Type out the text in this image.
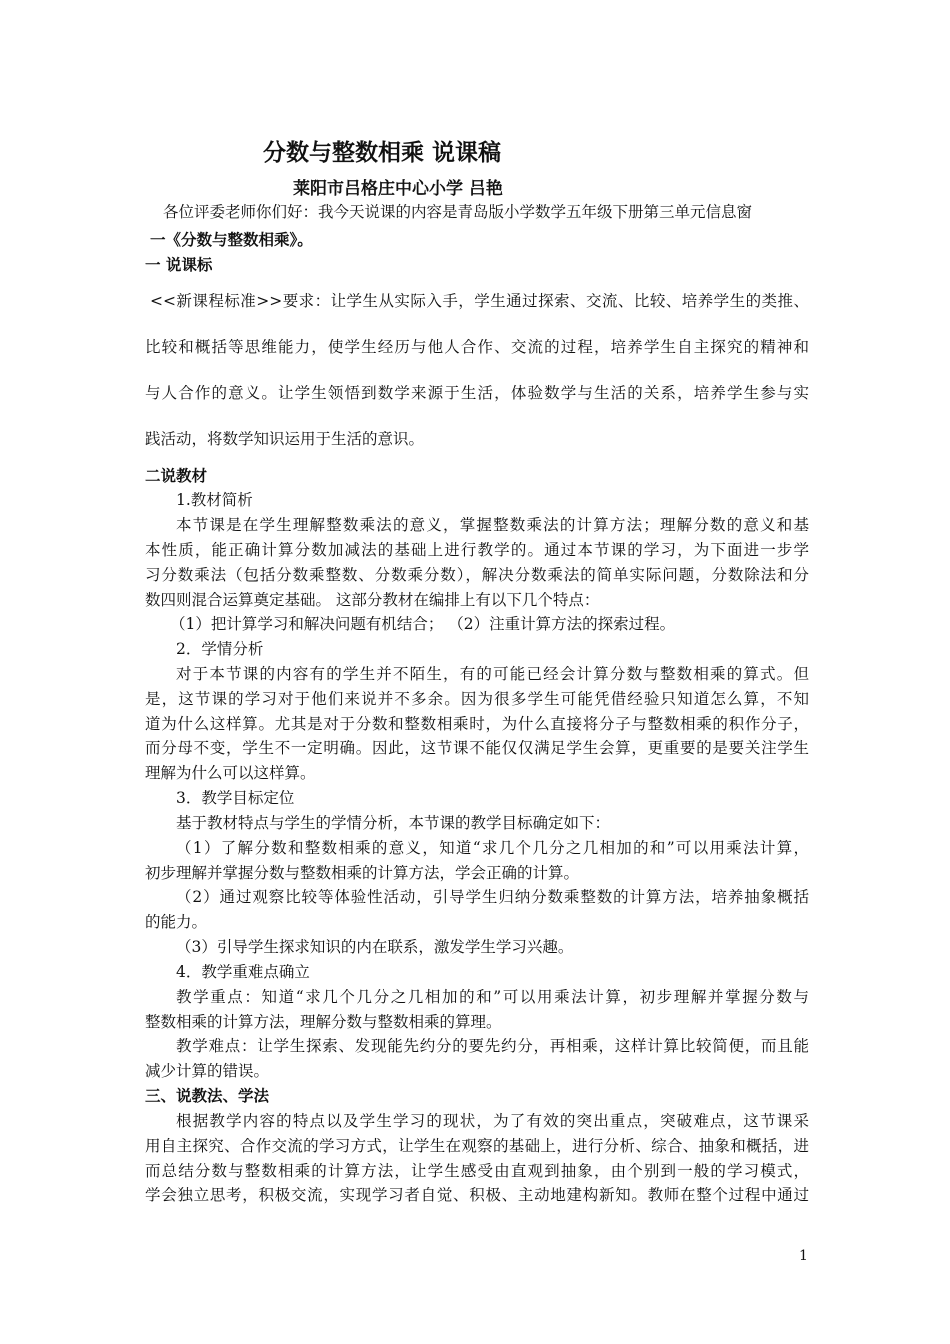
分数与整数相乘 说课稿
莱阳市吕格庄中心小学 吕艳
各位评委老师你们好：我今天说课的内容是青岛版小学数学五年级下册第三单元信息窗
一《分数与整数相乘》。
一 说课标
<<新课程标准>>要求：让学生从实际入手，学生通过探索、交流、比较、培养学生的类推、
比较和概括等思维能力，使学生经历与他人合作、交流的过程，培养学生自主探究的精神和
与人合作的意义。让学生领悟到数学来源于生活，体验数学与生活的关系，培养学生参与实
践活动，将数学知识运用于生活的意识。
二说教材
1.教材简析
本节课是在学生理解整数乘法的意义，掌握整数乘法的计算方法；理解分数的意义和基
本性质，能正确计算分数加减法的基础上进行教学的。通过本节课的学习，为下面进一步学
习分数乘法（包括分数乘整数、分数乘分数），解决分数乘法的简单实际问题，分数除法和分
数四则混合运算奠定基础。 这部分教材在编排上有以下几个特点：
（1）把计算学习和解决问题有机结合； （2）注重计算方法的探索过程。
2．学情分析
对于本节课的内容有的学生并不陌生，有的可能已经会计算分数与整数相乘的算式。但
是，这节课的学习对于他们来说并不多余。因为很多学生可能凭借经验只知道怎么算，不知
道为什么这样算。尤其是对于分数和整数相乘时，为什么直接将分子与整数相乘的积作分子，
而分母不变，学生不一定明确。因此，这节课不能仅仅满足学生会算，更重要的是要关注学生
理解为什么可以这样算。
3．教学目标定位
基于教材特点与学生的学情分析，本节课的教学目标确定如下：
（1）了解分数和整数相乘的意义，知道“求几个几分之几相加的和”可以用乘法计算，
初步理解并掌握分数与整数相乘的计算方法，学会正确的计算。
（2）通过观察比较等体验性活动，引导学生归纳分数乘整数的计算方法，培养抽象概括
的能力。
（3）引导学生探求知识的内在联系，激发学生学习兴趣。
4．教学重难点确立
教学重点：知道“求几个几分之几相加的和”可以用乘法计算，初步理解并掌握分数与
整数相乘的计算方法，理解分数与整数相乘的算理。
教学难点：让学生探索、发现能先约分的要先约分，再相乘，这样计算比较简便，而且能
减少计算的错误。
三、说教法、学法
根据教学内容的特点以及学生学习的现状，为了有效的突出重点，突破难点，这节课采
用自主探究、合作交流的学习方式，让学生在观察的基础上，进行分析、综合、抽象和概括，进
而总结分数与整数相乘的计算方法，让学生感受由直观到抽象，由个别到一般的学习模式，
学会独立思考，积极交流，实现学习者自觉、积极、主动地建构新知。教师在整个过程中通过
1
